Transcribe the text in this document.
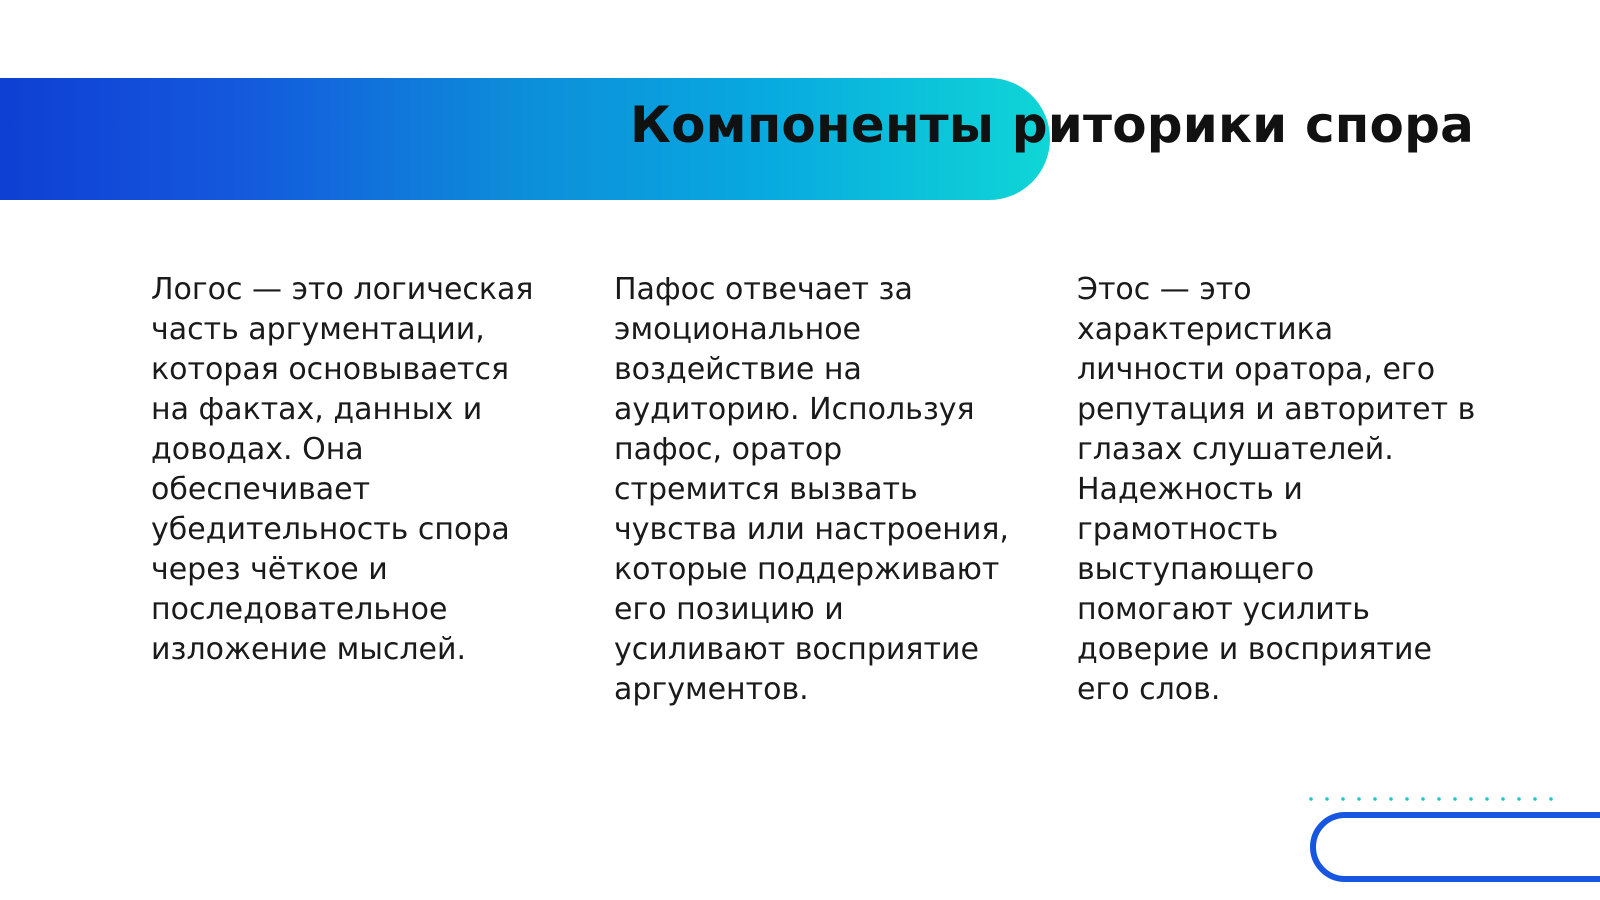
Компоненты риторики спора

Логос — это логическая часть аргументации, которая основывается на фактах, данных и доводах. Она обеспечивает убедительность спора через чёткое и последовательное изложение мыслей.

Пафос отвечает за эмоциональное воздействие на аудиторию. Используя пафос, оратор стремится вызвать чувства или настроения, которые поддерживают его позицию и усиливают восприятие аргументов.

Этос — это характеристика личности оратора, его репутация и авторитет в глазах слушателей. Надежность и грамотность выступающего помогают усилить доверие и восприятие его слов.
